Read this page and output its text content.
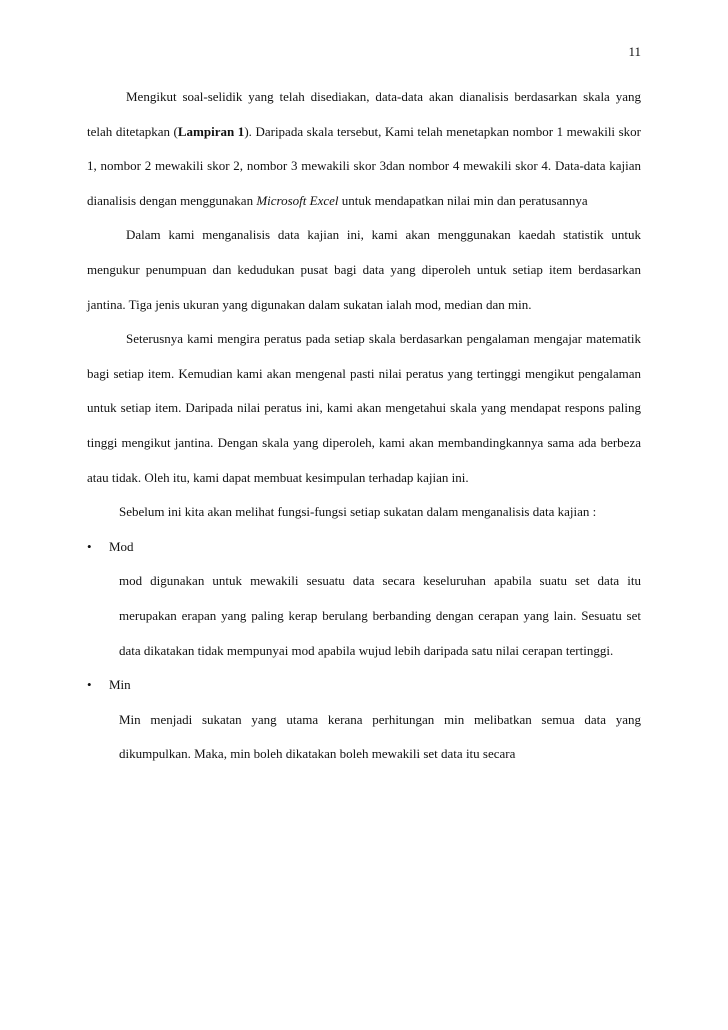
11

Mengikut soal-selidik yang telah disediakan, data-data akan dianalisis berdasarkan skala yang telah ditetapkan (Lampiran 1). Daripada skala tersebut, Kami telah menetapkan nombor 1 mewakili skor 1, nombor 2 mewakili skor 2, nombor 3 mewakili skor 3dan nombor 4 mewakili skor 4. Data-data kajian dianalisis dengan menggunakan Microsoft Excel untuk mendapatkan nilai min dan peratusannya

Dalam kami menganalisis data kajian ini, kami akan menggunakan kaedah statistik untuk mengukur penumpuan dan kedudukan pusat bagi data yang diperoleh untuk setiap item berdasarkan jantina. Tiga jenis ukuran yang digunakan dalam sukatan ialah mod, median dan min.

Seterusnya kami mengira peratus pada setiap skala berdasarkan pengalaman mengajar matematik bagi setiap item. Kemudian kami akan mengenal pasti nilai peratus yang tertinggi mengikut pengalaman untuk setiap item. Daripada nilai peratus ini, kami akan mengetahui skala yang mendapat respons paling tinggi mengikut jantina. Dengan skala yang diperoleh, kami akan membandingkannya sama ada berbeza atau tidak. Oleh itu, kami dapat membuat kesimpulan terhadap kajian ini.

Sebelum ini kita akan melihat fungsi-fungsi setiap sukatan dalam menganalisis data kajian :

• Mod

mod digunakan untuk mewakili sesuatu data secara keseluruhan apabila suatu set data itu merupakan erapan yang paling kerap berulang berbanding dengan cerapan yang lain. Sesuatu set data dikatakan tidak mempunyai mod apabila wujud lebih daripada satu nilai cerapan tertinggi.

• Min

Min menjadi sukatan yang utama kerana perhitungan min melibatkan semua data yang dikumpulkan. Maka, min boleh dikatakan boleh mewakili set data itu secara
